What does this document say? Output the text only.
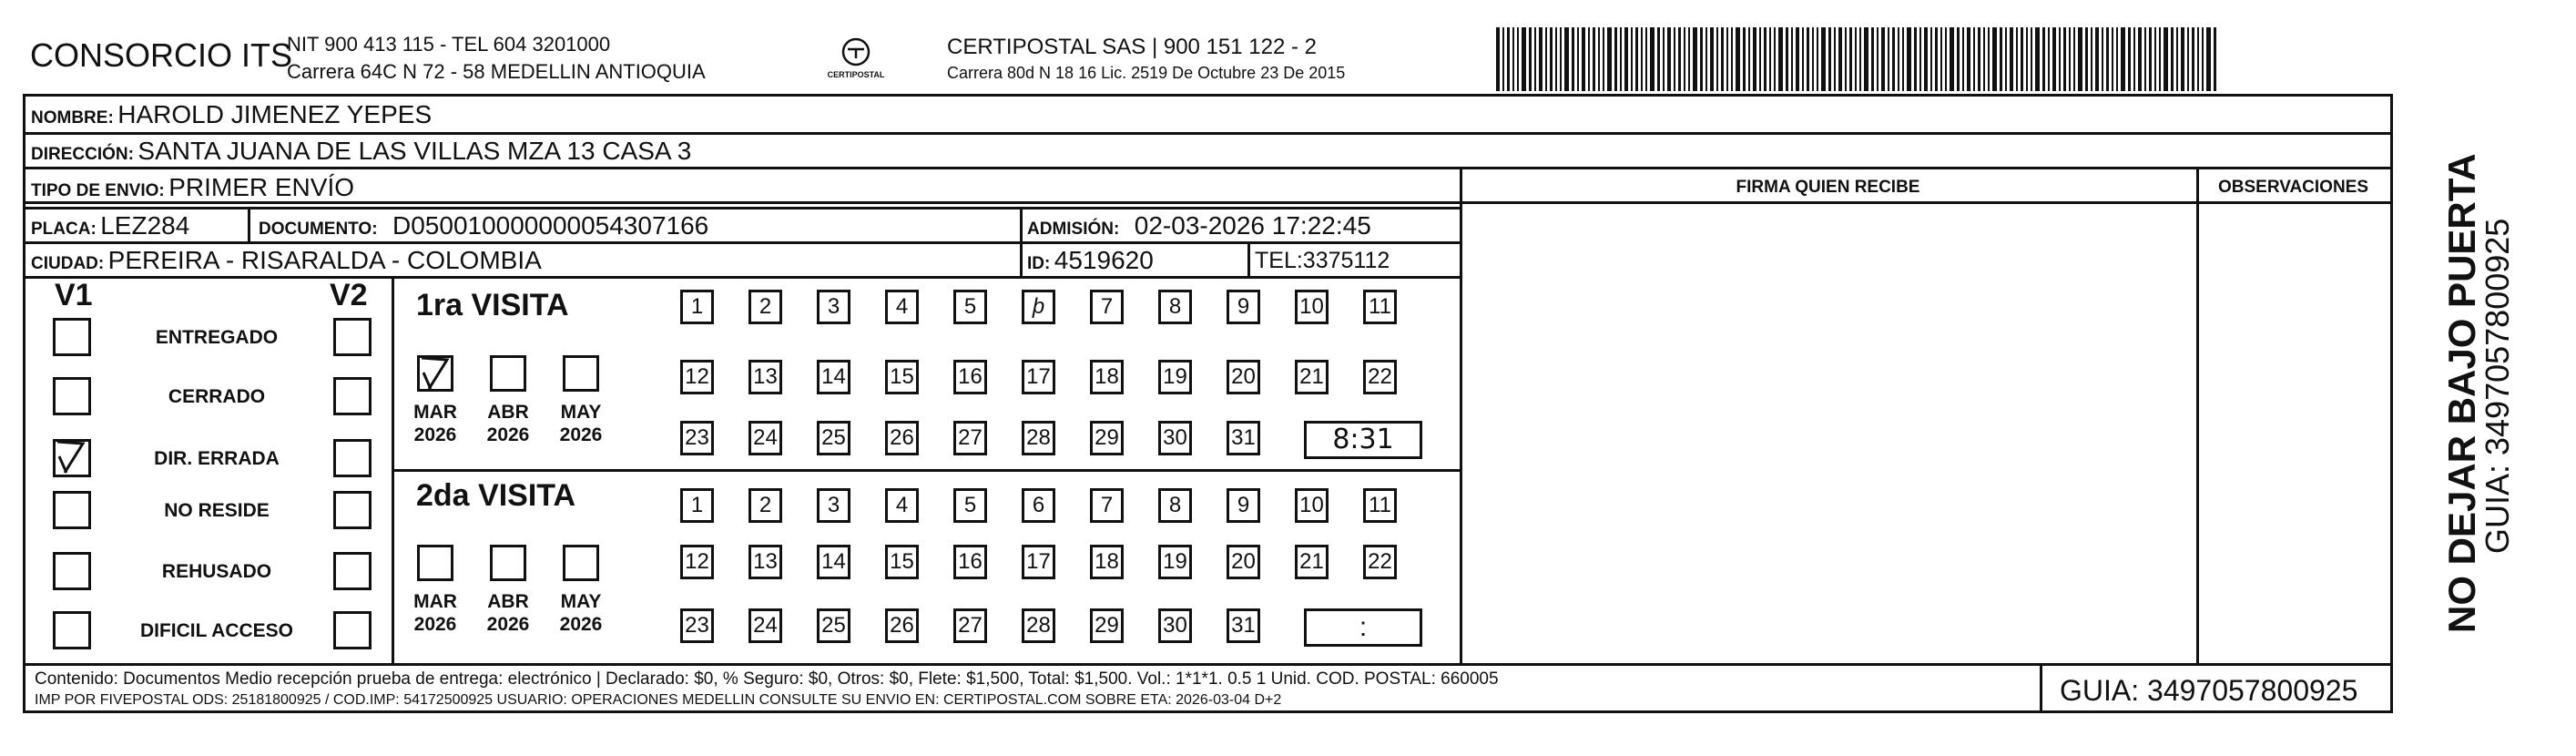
CONSORCIO ITS
NIT 900 413 115 - TEL 604 3201000
Carrera 64C N 72 - 58 MEDELLIN ANTIOQUIA	CERTIPOSTAL
CERTIPOSTAL SAS | 900 151 122 - 2
Carrera 80d N 18 16 Lic. 2519 De Octubre 23 De 2015
NOMBRE: HAROLD JIMENEZ YEPES
DIRECCIÓN: SANTA JUANA DE LAS VILLAS MZA 13 CASA 3
TIPO DE ENVIO: PRIMER ENVÍO
PLACA: LEZ284	DOCUMENTO: D050010000000054307166	ADMISIÓN: 02-03-2026 17:22:45
CIUDAD: PEREIRA - RISARALDA - COLOMBIA	ID: 4519620	TEL:3375112
FIRMA QUIEN RECIBE	OBSERVACIONES
V1	V2
ENTREGADO
CERRADO
DIR. ERRADA
NO RESIDE
REHUSADO
DIFICIL ACCESO
1ra VISITA
2da VISITA
MAR
2026
ABR
2026
MAY
2026
1	2	3	4	5	þ	7	8	9	10 11
12 13 14 15 16 17 18 19 20 21 22
23 24 25 26 27 28 29 30 31	8:31
MAR
2026
ABR
2026
MAY
2026
1	2	3	4	5	6	7	8	9	10 11
12 13 14 15 16 17 18 19 20 21 22
23 24 25 26 27 28 29 30 31	:
Contenido: Documentos Medio recepción prueba de entrega: electrónico | Declarado: $0, % Seguro: $0, Otros: $0, Flete: $1,500, Total: $1,500. Vol.: 1*1*1. 0.5 1 Unid. COD. POSTAL: 660005
IMP POR FIVEPOSTAL ODS: 25181800925 / COD.IMP: 54172500925 USUARIO: OPERACIONES MEDELLIN CONSULTE SU ENVIO EN: CERTIPOSTAL.COM SOBRE ETA: 2026-03-04 D+2	GUIA: 3497057800925
NO DEJAR BAJO PUERTA
GUIA: 3497057800925
